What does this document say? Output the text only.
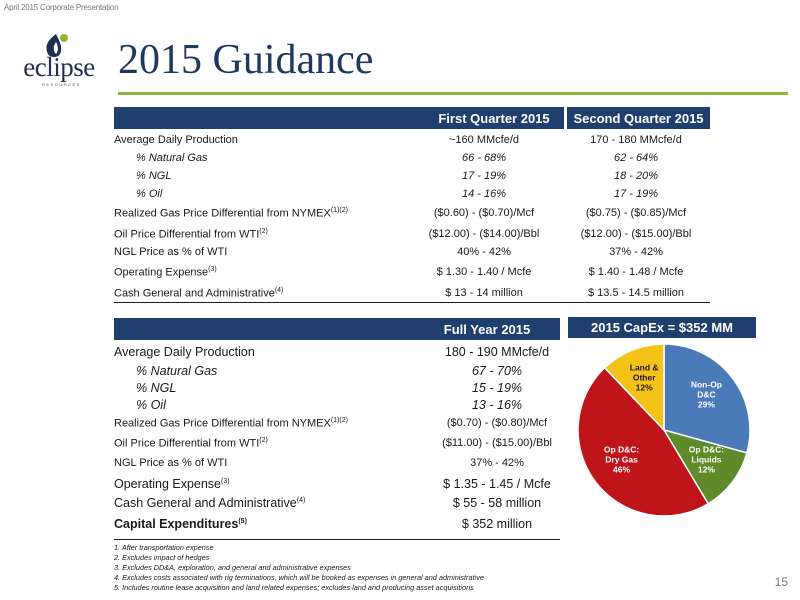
April 2015 Corporate Presentation
eclipse
RESOURCES
2015 Guidance
First Quarter 2015	Second Quarter 2015
Average Daily Production	~160 MMcfe/d	170 - 180 MMcfe/d
% Natural Gas	66 - 68%	62 - 64%
% NGL	17 - 19%	18 - 20%
% Oil	14 - 16%	17 - 19%
Realized Gas Price Differential from $NYMEX^{(1)(2)}$	($0.60) - ($0.70)/Mcf	($0.75) - ($0.85)/Mcf
Oil Price Differential from WTI$^{(2)}$	($12.00) - ($14.00)/Bbl	($12.00) - ($15.00)/Bbl
NGL Price as % of WTI	40% - 42%	37% - 42%
Operating Expense$^{(3)}$	$ 1.30 - 1.40 / Mcfe	$ 1.40 - 1.48 / Mcfe
Cash General and Administrative$^{(4)}$	$ 13 - 14 million	$ 13.5 - 14.5 million
Full Year 2015
Average Daily Production	180 - 190 MMcfe/d
% Natural Gas	67 - 70%
% NGL	15 - 19%
% Oil	13 - 16%
Realized Gas Price Differential from $NYMEX^{(1)(2)}$	($0.70) - ($0.80)/Mcf
Oil Price Differential from WTI$^{(2)}$	($11.00) - ($15.00)/Bbl
NGL Price as % of WTI	37% - 42%
Operating Expense$^{(3)}$	$ 1.35 - 1.45 / Mcfe
Cash General and Administrative$^{(4)}$	$ 55 - 58 million
Capital Expenditures$^{(5)}$	$ 352 million
2015 CapEx = $352 MM
Non-Op D&C 29%
Op D&C: Liquids 12%
Op D&C: Dry Gas 46%
Land & Other 12%
1. After transportation expense
2. Excludes impact of hedges
3. Excludes DD&A, exploration, and general and administrative expenses
4. Excludes costs associated with rig terminations, which will be booked as expenses in general and administrative
5. Includes routine lease acquisition and land related expenses; excludes land and producing asset acquisitions	15
